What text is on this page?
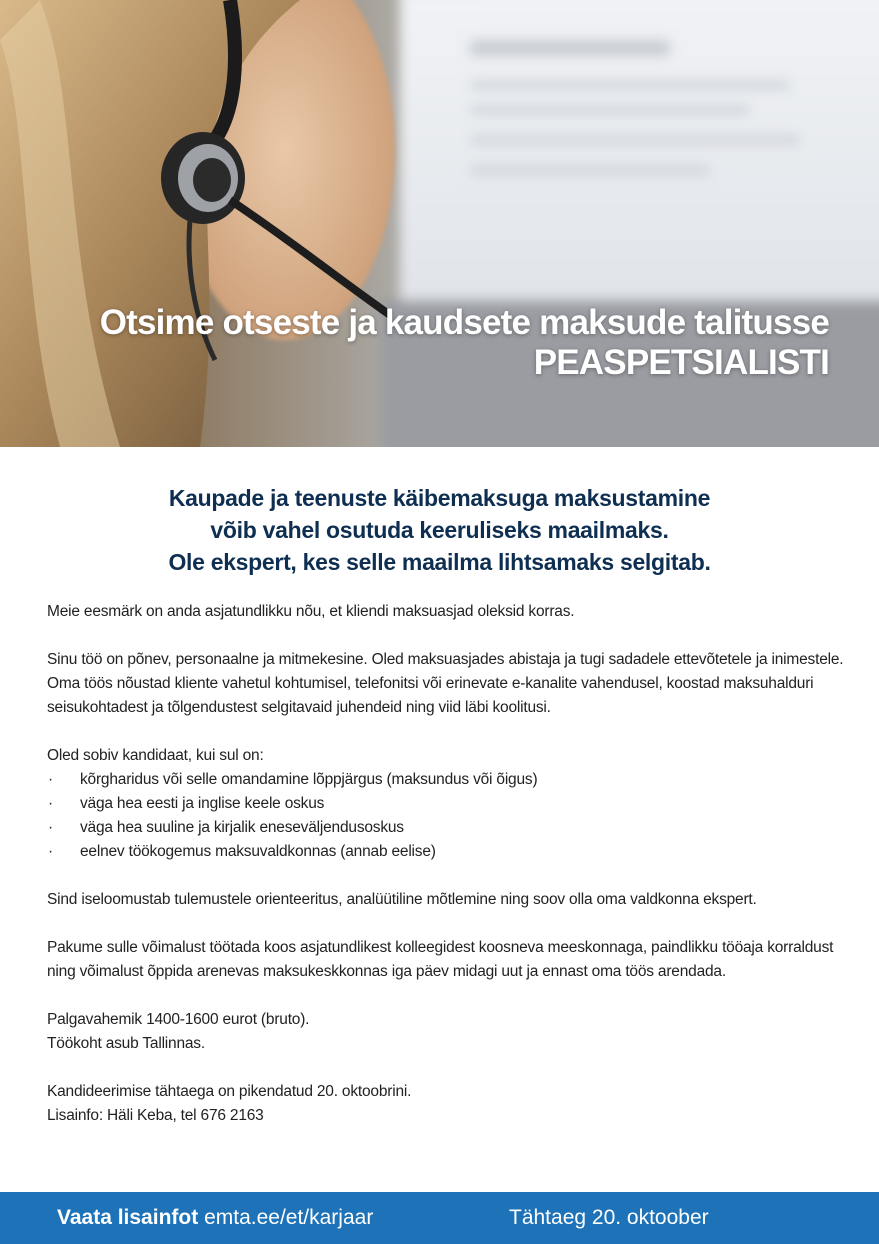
Otsime otseste ja kaudsete maksude talitusse
PEASPETSIALISTI
Kaupade ja teenuste käibemaksuga maksustamine
võib vahel osutuda keeruliseks maailmaks.
Ole ekspert, kes selle maailma lihtsamaks selgitab.

Meie eesmärk on anda asjatundlikku nõu, et kliendi maksuasjad oleksid korras.

Sinu töö on põnev, personaalne ja mitmekesine. Oled maksuasjades abistaja ja tugi sadadele ettevõtetele ja inimestele. Oma töös nõustad kliente vahetul kohtumisel, telefonitsi või erinevate e-kanalite vahendusel, koostad maksuhalduri seisukohtadest ja tõlgendustest selgitavaid juhendeid ning viid läbi koolitusi.

Oled sobiv kandidaat, kui sul on:

· kõrgharidus või selle omandamine lõppjärgus (maksundus või õigus)
· väga hea eesti ja inglise keele oskus
· väga hea suuline ja kirjalik eneseväljendusoskus
· eelnev töökogemus maksuvaldkonnas (annab eelise)

Sind iseloomustab tulemustele orienteeritus, analüütiline mõtlemine ning soov olla oma valdkonna ekspert.

Pakume sulle võimalust töötada koos asjatundlikest kolleegidest koosneva meeskonnaga, paindlikku tööaja korraldust ning võimalust õppida arenevas maksukeskkonnas iga päev midagi uut ja ennast oma töös arendada.

Palgavahemik 1400-1600 eurot (bruto).

Töökoht asub Tallinnas.

Kandideerimise tähtaega on pikendatud 20. oktoobrini.

Lisainfo: Häli Keba, tel 676 2163

Vaata lisainfot emta.ee/et/karjaar	Tähtaeg 20. oktoober
